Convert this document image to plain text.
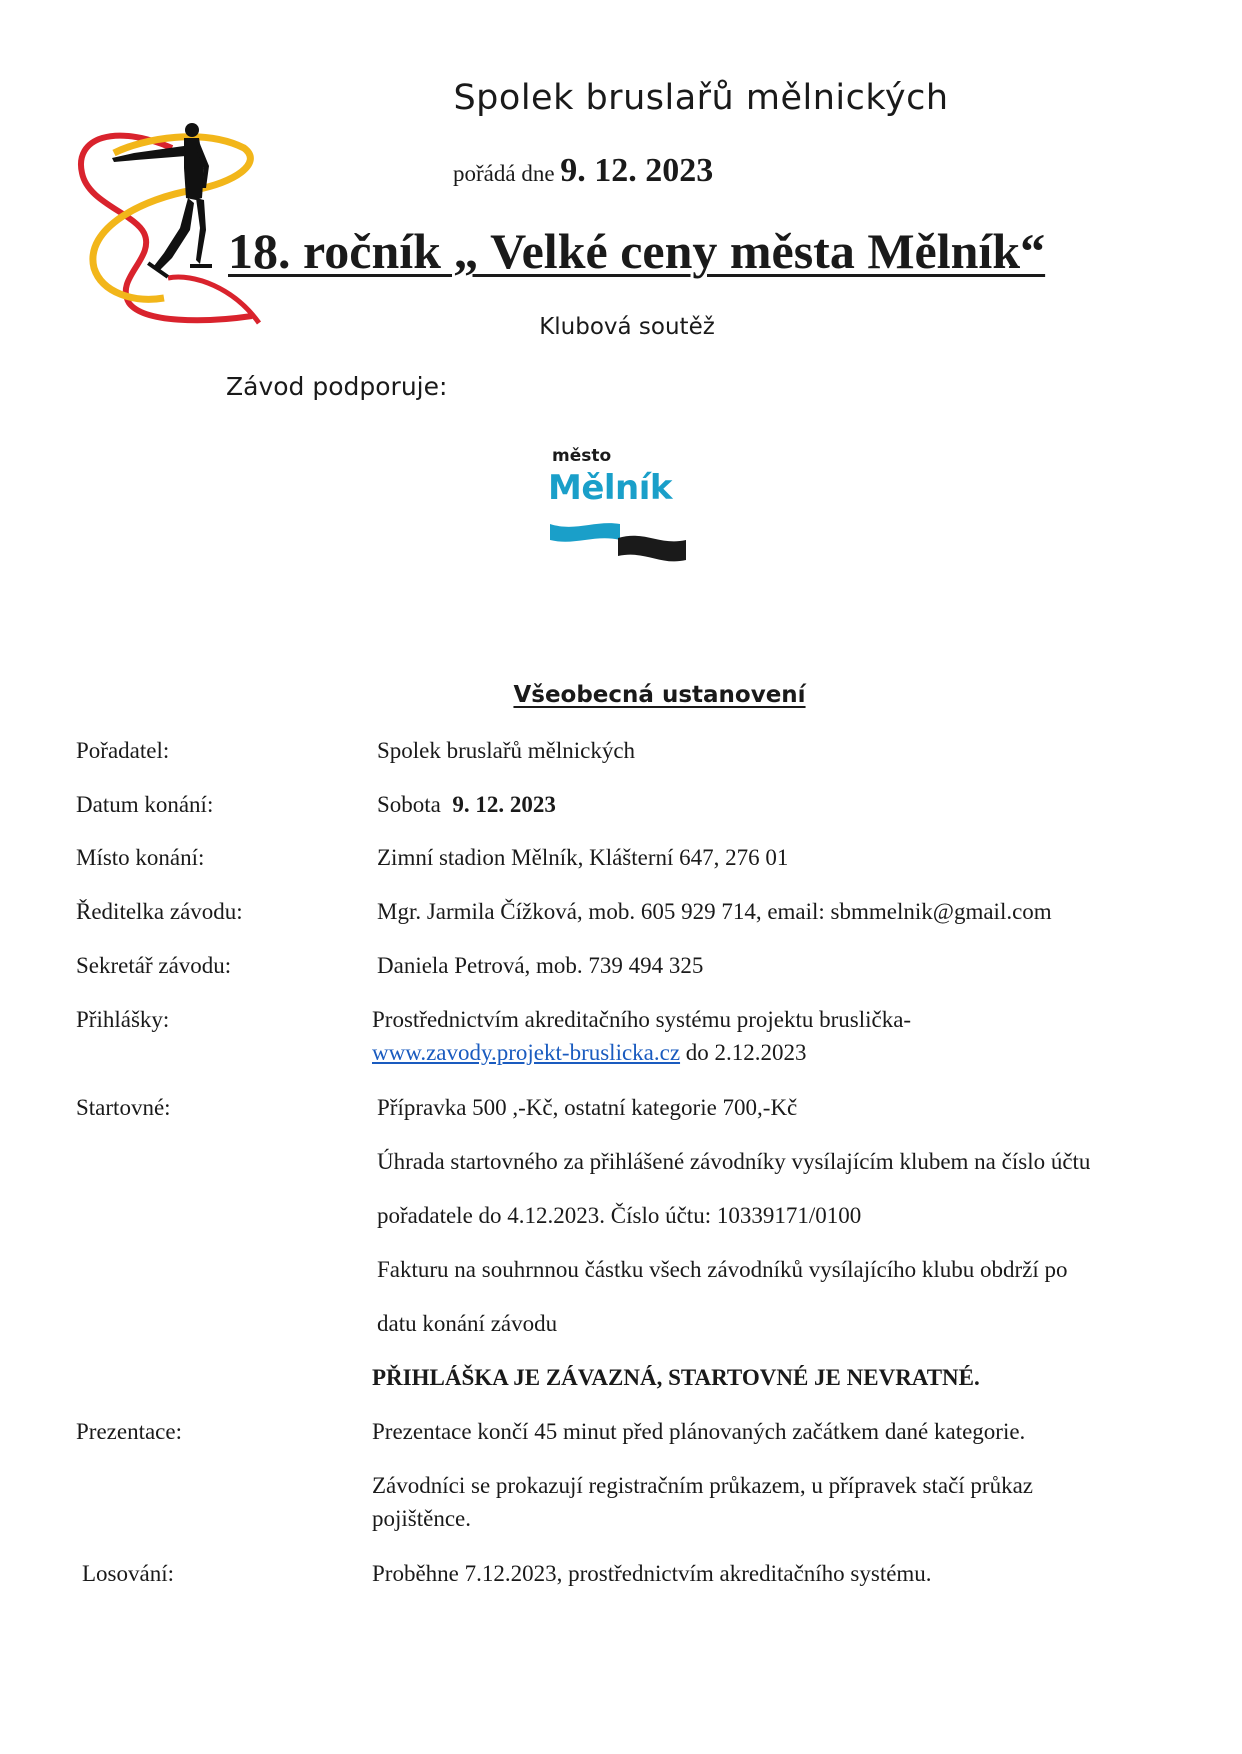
Spolek bruslařů mělnických
pořádá dne 9. 12. 2023
18. ročník „ Velké ceny města Mělník“
Klubová soutěž
Závod podporuje:
město
Mělník
Všeobecná ustanovení
Pořadatel:	Spolek bruslařů mělnických
Datum konání:	Sobota 9. 12. 2023
Místo konání:	Zimní stadion Mělník, Klášterní 647, 276 01
Ředitelka závodu:	Mgr. Jarmila Čížková, mob. 605 929 714, email: sbmmelnik@gmail.com
Sekretář závodu:	Daniela Petrová, mob. 739 494 325
Přihlášky:	Prostřednictvím akreditačního systému projektu bruslička-
www.zavody.projekt-bruslicka.cz do 2.12.2023
Startovné:	Přípravka 500 ,-Kč, ostatní kategorie 700,-Kč
Úhrada startovného za přihlášené závodníky vysílajícím klubem na číslo účtu
pořadatele do 4.12.2023. Číslo účtu: 10339171/0100
Fakturu na souhrnnou částku všech závodníků vysílajícího klubu obdrží po
datu konání závodu
PŘIHLÁŠKA JE ZÁVAZNÁ, STARTOVNÉ JE NEVRATNÉ.
Prezentace:	Prezentace končí 45 minut před plánovaných začátkem dané kategorie.
Závodníci se prokazují registračním průkazem, u přípravek stačí průkaz
pojištěnce.
Losování:	Proběhne 7.12.2023, prostřednictvím akreditačního systému.
